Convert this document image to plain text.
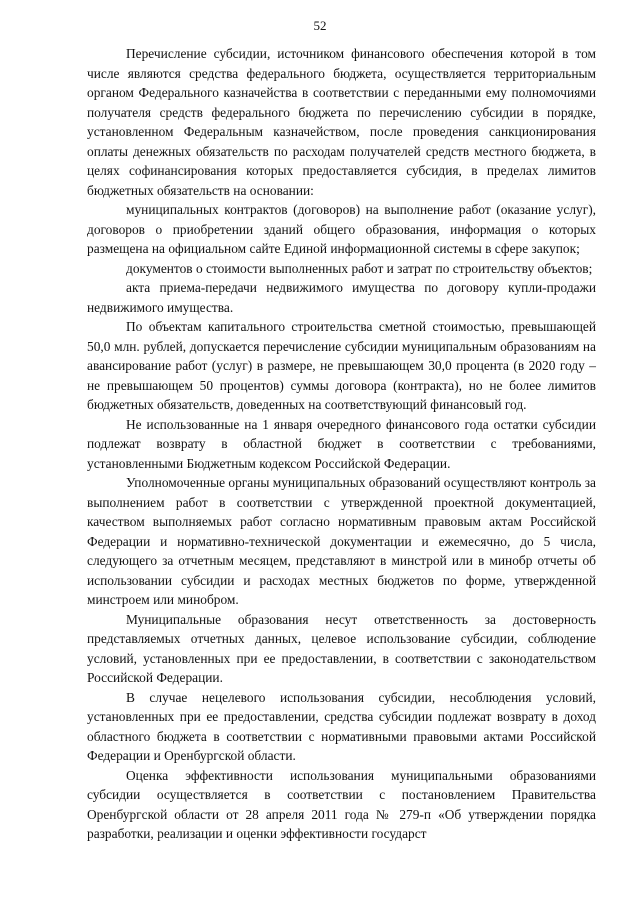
52

Перечисление субсидии, источником финансового обеспечения которой в том числе являются средства федерального бюджета, осуществляется территориальным органом Федерального казначейства в соответствии с переданными ему полномочиями получателя средств федерального бюджета по перечислению субсидии в порядке, установленном Федеральным казначейством, после проведения санкционирования оплаты денежных обязательств по расходам получателей средств местного бюджета, в целях софинансирования которых предоставляется субсидия, в пределах лимитов бюджетных обязательств на основании:

муниципальных контрактов (договоров) на выполнение работ (оказание услуг), договоров о приобретении зданий общего образования, информация о которых размещена на официальном сайте Единой информационной системы в сфере закупок;

документов о стоимости выполненных работ и затрат по строительству объектов;

акта приема-передачи недвижимого имущества по договору купли-продажи недвижимого имущества.

По объектам капитального строительства сметной стоимостью, превышающей 50,0 млн. рублей, допускается перечисление субсидии муниципальным образованиям на авансирование работ (услуг) в размере, не превышающем 30,0 процента (в 2020 году – не превышающем 50 процентов) суммы договора (контракта), но не более лимитов бюджетных обязательств, доведенных на соответствующий финансовый год.

Не использованные на 1 января очередного финансового года остатки субсидии подлежат возврату в областной бюджет в соответствии с требованиями, установленными Бюджетным кодексом Российской Федерации.

Уполномоченные органы муниципальных образований осуществляют контроль за выполнением работ в соответствии с утвержденной проектной документацией, качеством выполняемых работ согласно нормативным правовым актам Российской Федерации и нормативно-технической документации и ежемесячно, до 5 числа, следующего за отчетным месяцем, представляют в минстрой или в минобр отчеты об использовании субсидии и расходах местных бюджетов по форме, утвержденной минстроем или минобром.

Муниципальные образования несут ответственность за достоверность представляемых отчетных данных, целевое использование субсидии, соблюдение условий, установленных при ее предоставлении, в соответствии с законодательством Российской Федерации.

В случае нецелевого использования субсидии, несоблюдения условий, установленных при ее предоставлении, средства субсидии подлежат возврату в доход областного бюджета в соответствии с нормативными правовыми актами Российской Федерации и Оренбургской области.

Оценка эффективности использования муниципальными образованиями субсидии осуществляется в соответствии с постановлением Правительства Оренбургской области от 28 апреля 2011 года № 279-п «Об утверждении порядка разработки, реализации и оценки эффективности государст
